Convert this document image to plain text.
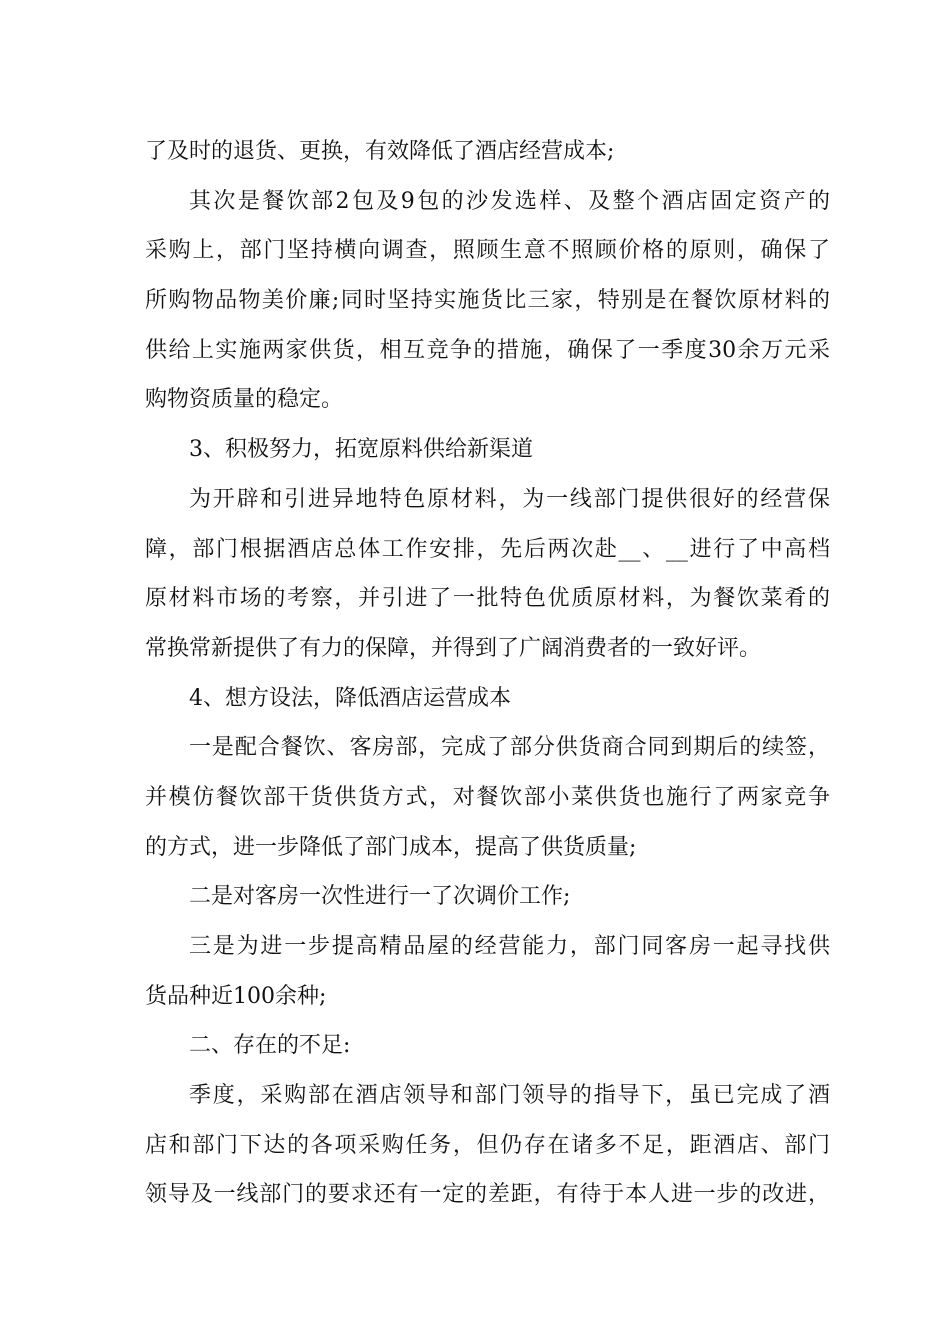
了及时的退货、更换，有效降低了酒店经营成本;
其次是餐饮部2包及9包的沙发选样、及整个酒店固定资产的
采购上，部门坚持横向调查，照顾生意不照顾价格的原则，确保了
所购物品物美价廉;同时坚持实施货比三家，特别是在餐饮原材料的
供给上实施两家供货，相互竞争的措施，确保了一季度30余万元采
购物资质量的稳定。
3、积极努力，拓宽原料供给新渠道
为开辟和引进异地特色原材料，为一线部门提供很好的经营保
障，部门根据酒店总体工作安排，先后两次赴__、__进行了中高档
原材料市场的考察，并引进了一批特色优质原材料，为餐饮菜肴的
常换常新提供了有力的保障，并得到了广阔消费者的一致好评。
4、想方设法，降低酒店运营成本
一是配合餐饮、客房部，完成了部分供货商合同到期后的续签，
并模仿餐饮部干货供货方式，对餐饮部小菜供货也施行了两家竞争
的方式，进一步降低了部门成本，提高了供货质量;
二是对客房一次性进行一了次调价工作;
三是为进一步提高精品屋的经营能力，部门同客房一起寻找供
货品种近100余种;
二、存在的不足:
季度，采购部在酒店领导和部门领导的指导下，虽已完成了酒
店和部门下达的各项采购任务，但仍存在诸多不足，距酒店、部门
领导及一线部门的要求还有一定的差距，有待于本人进一步的改进，
